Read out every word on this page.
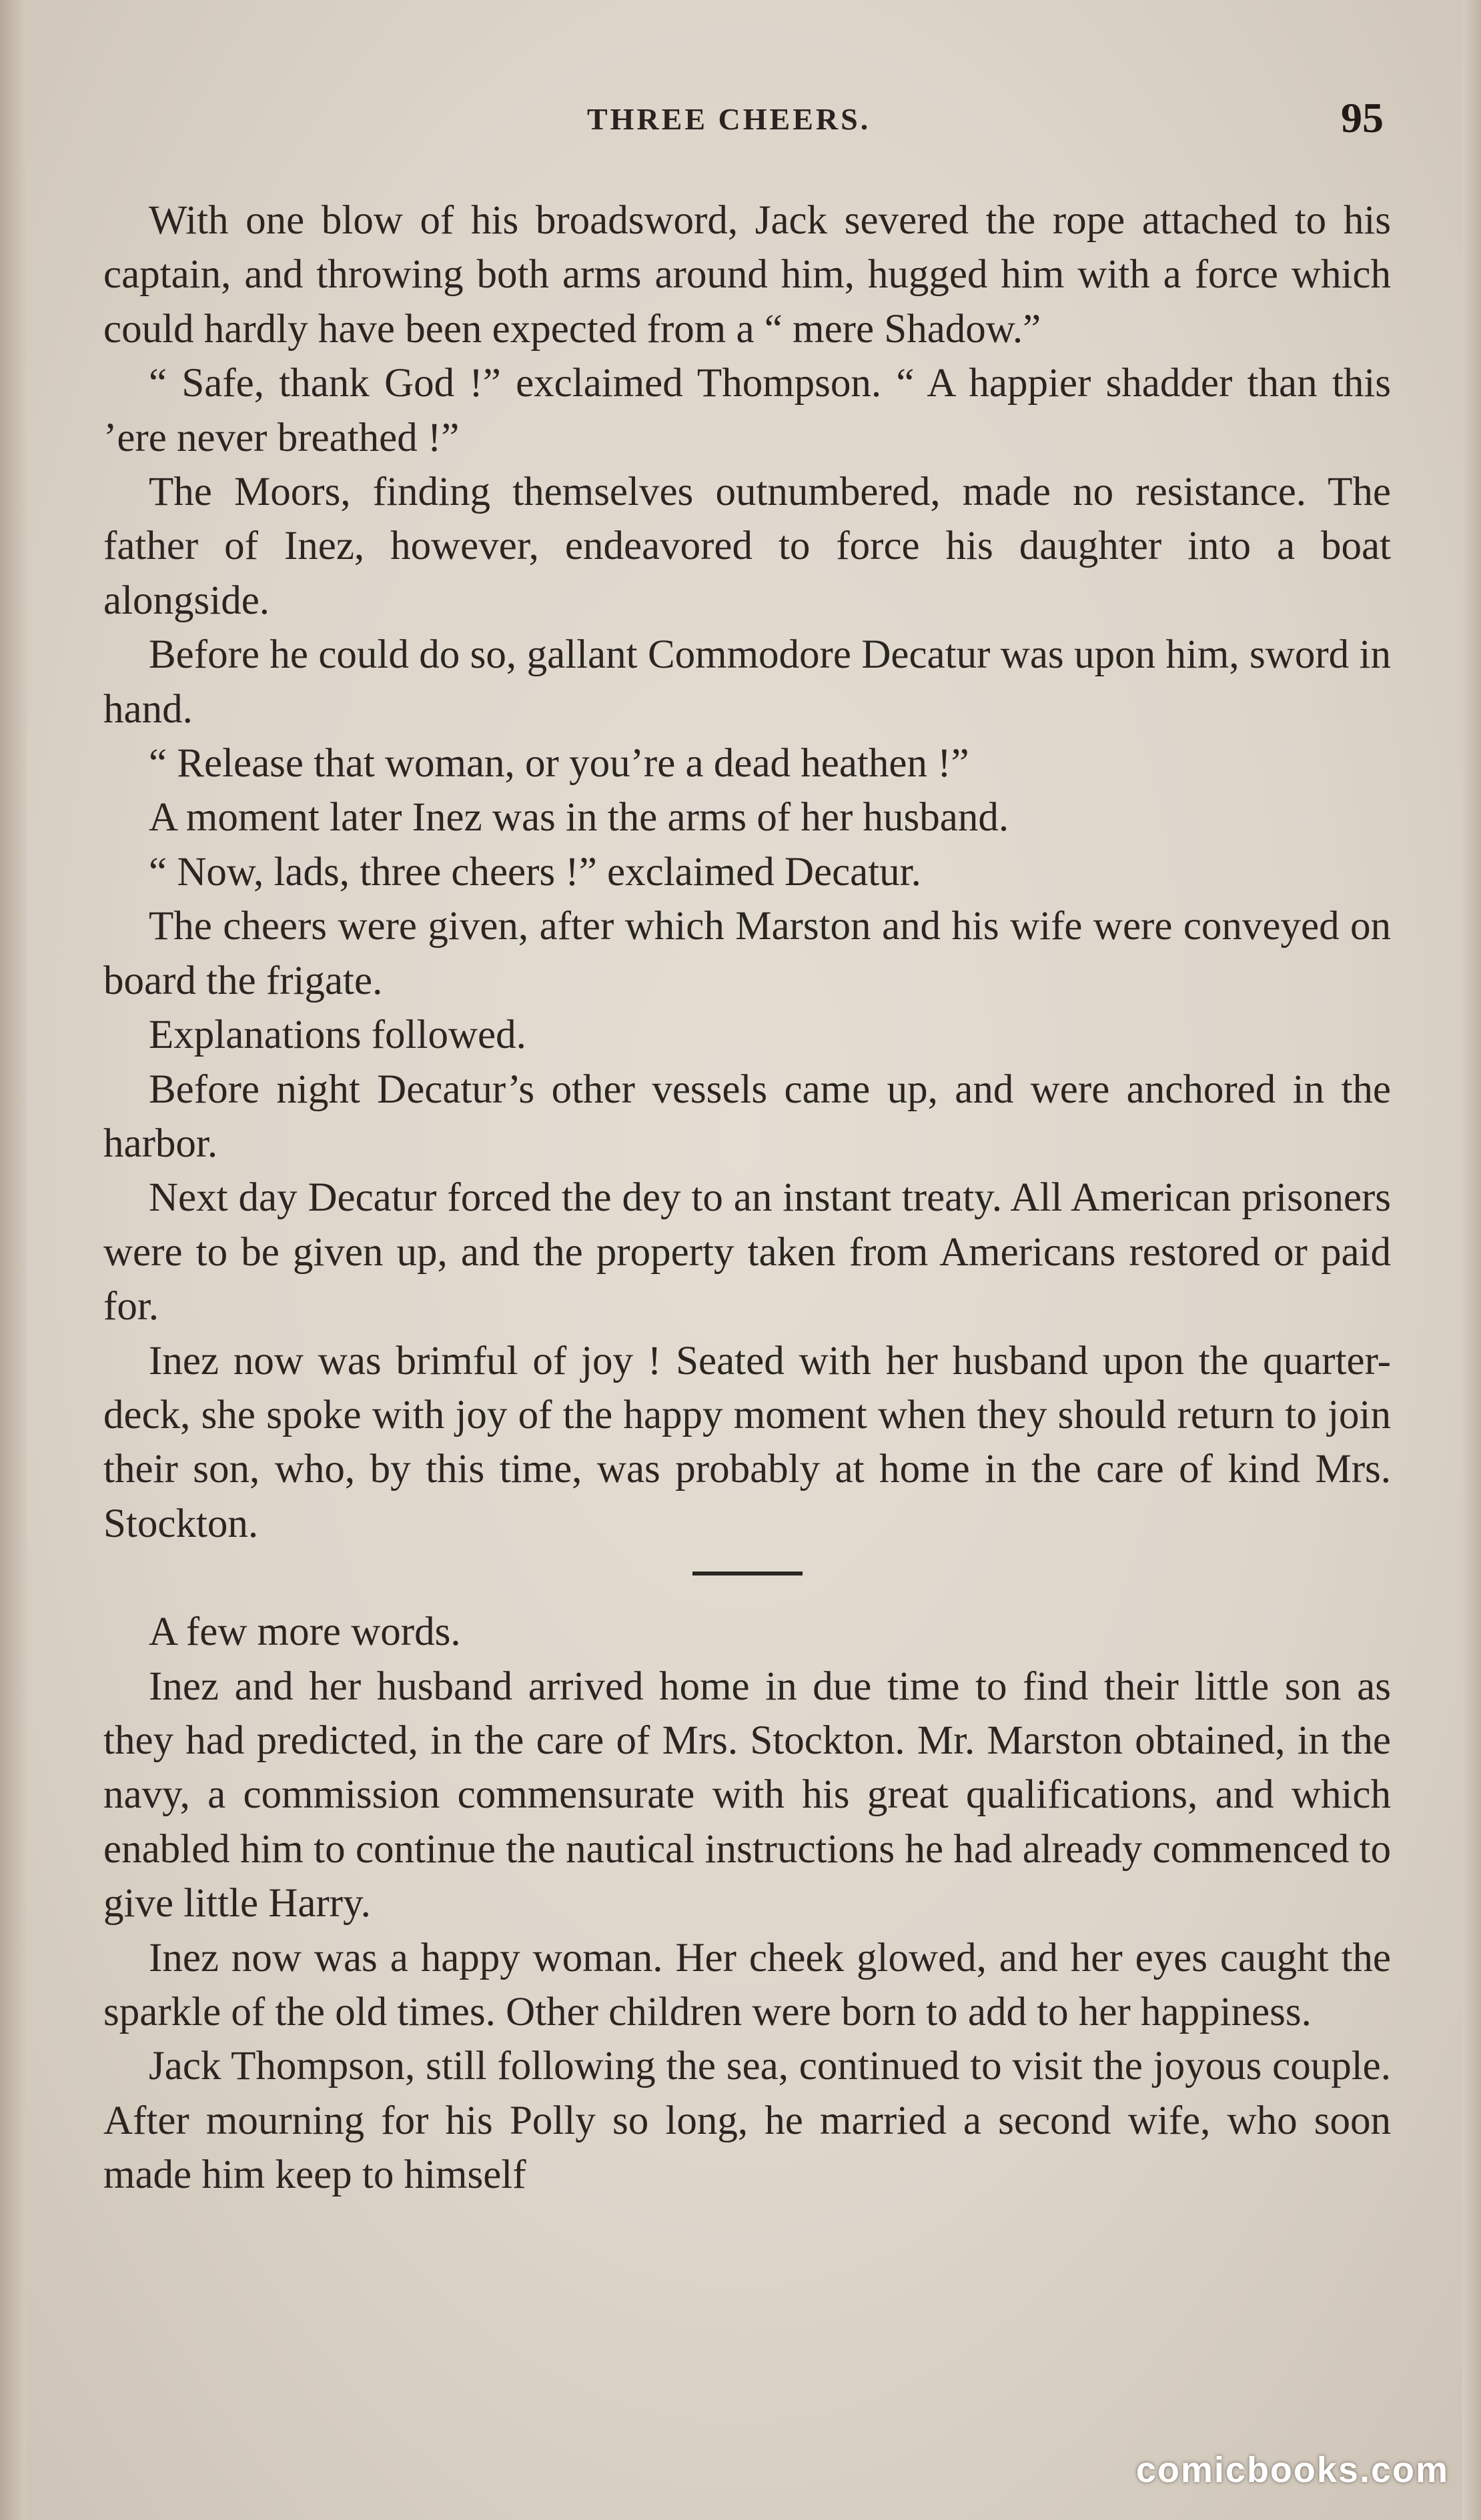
THREE CHEERS.	95

With one blow of his broadsword, Jack severed the rope attached to his captain, and throwing both arms around him, hugged him with a force which could hardly have been expected from a “ mere Shadow.”

“ Safe, thank God !” exclaimed Thompson. “ A happier shadder than this ’ere never breathed !”

The Moors, finding themselves outnumbered, made no resistance. The father of Inez, however, endeavored to force his daughter into a boat alongside.

Before he could do so, gallant Commodore Decatur was upon him, sword in hand.

“ Release that woman, or you’re a dead heathen !”

A moment later Inez was in the arms of her husband.

“ Now, lads, three cheers !” exclaimed Decatur.

The cheers were given, after which Marston and his wife were conveyed on board the frigate.

Explanations followed.

Before night Decatur’s other vessels came up, and were anchored in the harbor.

Next day Decatur forced the dey to an instant treaty. All American prisoners were to be given up, and the property taken from Americans restored or paid for.

Inez now was brimful of joy ! Seated with her husband upon the quarter-deck, she spoke with joy of the happy moment when they should return to join their son, who, by this time, was probably at home in the care of kind Mrs. Stockton.

A few more words.

Inez and her husband arrived home in due time to find their little son as they had predicted, in the care of Mrs. Stockton. Mr. Marston obtained, in the navy, a commission commensurate with his great qualifications, and which enabled him to continue the nautical instructions he had already commenced to give little Harry.

Inez now was a happy woman. Her cheek glowed, and her eyes caught the sparkle of the old times. Other children were born to add to her happiness.

Jack Thompson, still following the sea, continued to visit the joyous couple. After mourning for his Polly so long, he married a second wife, who soon made him keep to himself

comicbooks.com
